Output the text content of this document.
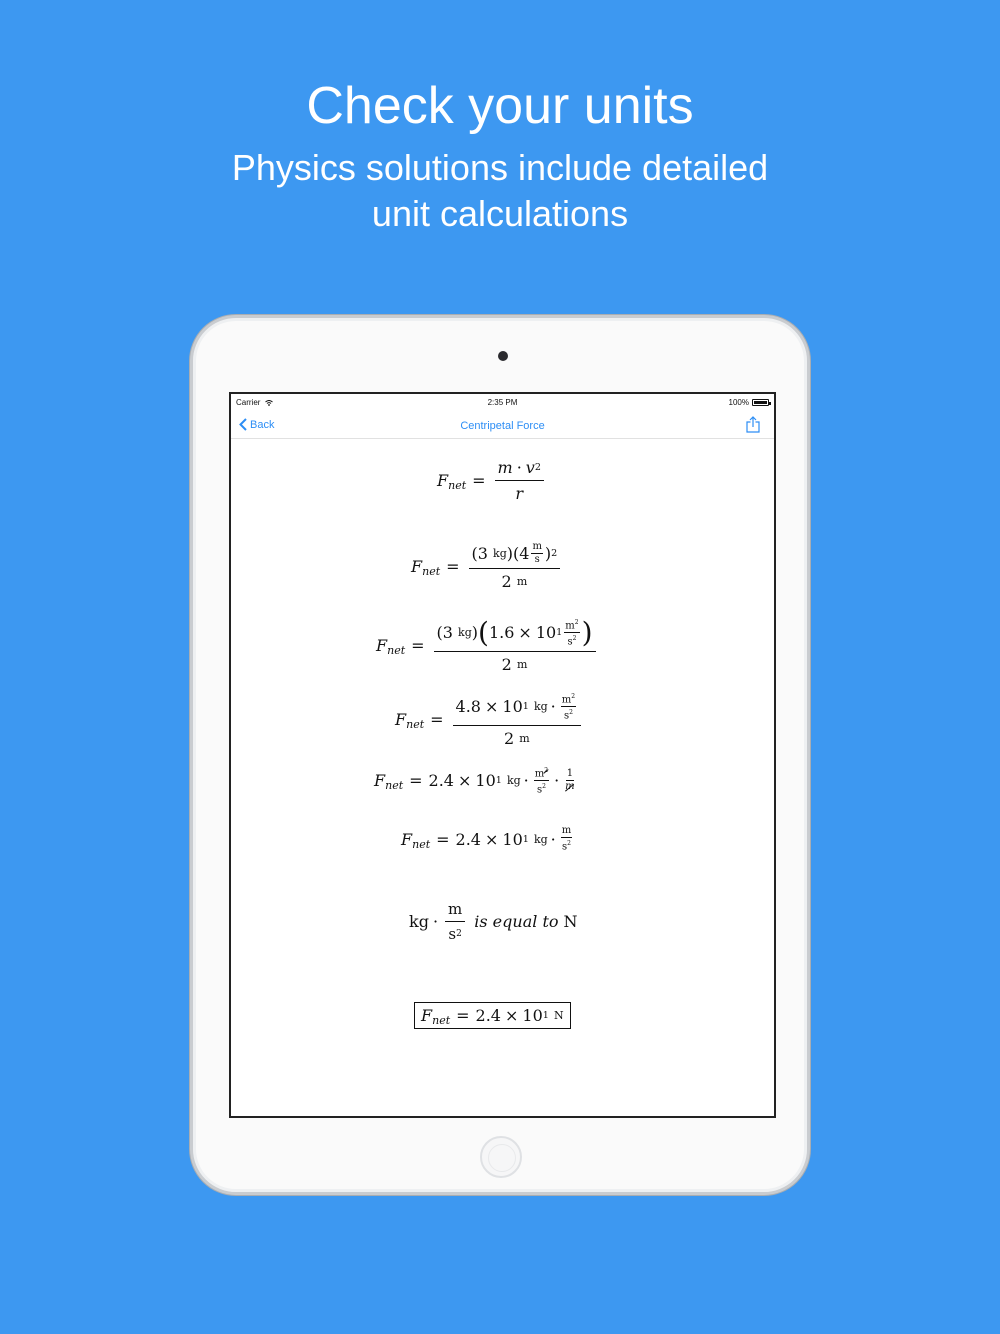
Check your units
Physics solutions include detailed unit calculations
Carrier	2:35 PM	100%
Back	Centripetal Force
F net = $\frac{m \cdot v 2}{r}$
F net = (3
kg )(4 m
s ) 2
2
m
F net = (3
kg ) ( 1.6 × 10 1
$m^2$
$s^2$ )
2
m
F net = 4.8 × 10 1
kg · $m^2$
$s^2$
2
m
F net = 2.4 × 10 1
kg · $m^2$
$s^2 \cdot 1$
m
F net = 2.4 × 10 1
kg · m
$s^2$
kg · $\frac{m}{s 2}$ is equal to N
F net = 2.4 × 10 1
N
